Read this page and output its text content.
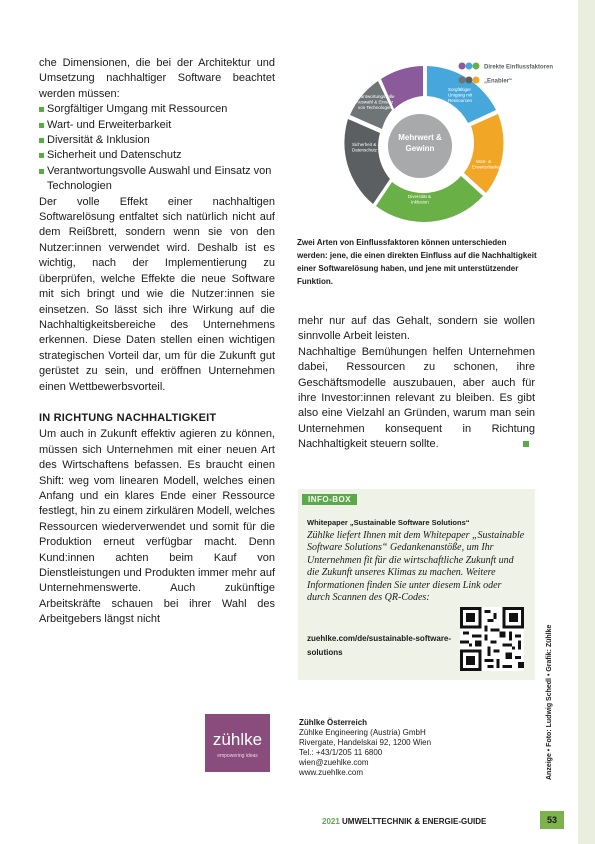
che Dimensionen, die bei der Architektur und Umsetzung nachhaltiger Software beachtet werden müssen:

Sorgfältiger Umgang mit Ressourcen
Wart- und Erweiterbarkeit
Diversität & Inklusion
Sicherheit und Datenschutz
Verantwortungsvolle Auswahl und Einsatz von Technologien

Der volle Effekt einer nachhaltigen Softwarelösung entfaltet sich natürlich nicht auf dem Reißbrett, sondern wenn sie von den Nutzer:innen verwendet wird. Deshalb ist es wichtig, nach der Implementierung zu überprüfen, welche Effekte die neue Software mit sich bringt und wie die Nutzer:innen sie einsetzen. So lässt sich ihre Wirkung auf die Nachhaltigkeitsbereiche des Unternehmens erkennen. Diese Daten stellen einen wichtigen strategischen Vorteil dar, um für die Zukunft gut gerüstet zu sein, und eröffnen Unternehmen einen Wettbewerbsvorteil.

IN RICHTUNG NACHHALTIGKEIT

Um auch in Zukunft effektiv agieren zu können, müssen sich Unternehmen mit einer neuen Art des Wirtschaftens befassen. Es braucht einen Shift: weg vom linearen Modell, welches einen Anfang und ein klares Ende einer Ressource festlegt, hin zu einem zirkulären Modell, welches Ressourcen wiederverwendet und somit für die Produktion erneut verfügbar macht. Denn Kund:innen achten beim Kauf von Dienstleistungen und Produkten immer mehr auf Unternehmenswerte. Auch zukünftige Arbeitskräfte schauen bei ihrer Wahl des Arbeitgebers längst nicht

Mehrwert &
Gewinn
Verantwortungsvolle Auswahl & Einsatz von Technologien
Sorgfältiger Umgang mit Ressourcen
Wart- & Erweiterbarkeit
Diversität & Inklusion
Sicherheit & Datenschutz
Direkte Einflussfaktoren
„Enabler“
Zwei Arten von Einflussfaktoren können unterschieden werden: jene, die einen direkten Einfluss auf die Nachhaltigkeit einer Softwarelösung haben, und jene mit unterstützender Funktion.

mehr nur auf das Gehalt, sondern sie wollen sinnvolle Arbeit leisten.

Nachhaltige Bemühungen helfen Unternehmen dabei, Ressourcen zu schonen, ihre Geschäftsmodelle auszubauen, aber auch für ihre Investor:innen relevant zu bleiben. Es gibt also eine Vielzahl an Gründen, warum man sein Unternehmen konsequent in Richtung Nachhaltigkeit steuern sollte.

INFO-BOX
Whitepaper „Sustainable Software Solutions“
Zühlke liefert Ihnen mit dem Whitepaper „Sustainable Software Solutions“ Gedankenanstöße, um Ihr Unternehmen fit für die wirtschaftliche Zukunft und die Zukunft unseres Klimas zu machen. Weitere Informationen finden Sie unter diesem Link oder durch Scannen des QR-Codes:
zuehlke.com/de/sustainable-software-solutions
zühlke
empowering ideas
Zühlke Österreich
Zühlke Engineering (Austria) GmbH
Rivergate, Handelskai 92, 1200 Wien
Tel.: +43/1/205 11 6800
wien@zuehlke.com
www.zuehlke.com	Anzeige • Foto: Ludwig Schedl • Grafik: Zühlke
2021 UMWELTTECHNIK & ENERGIE-GUIDE	53
